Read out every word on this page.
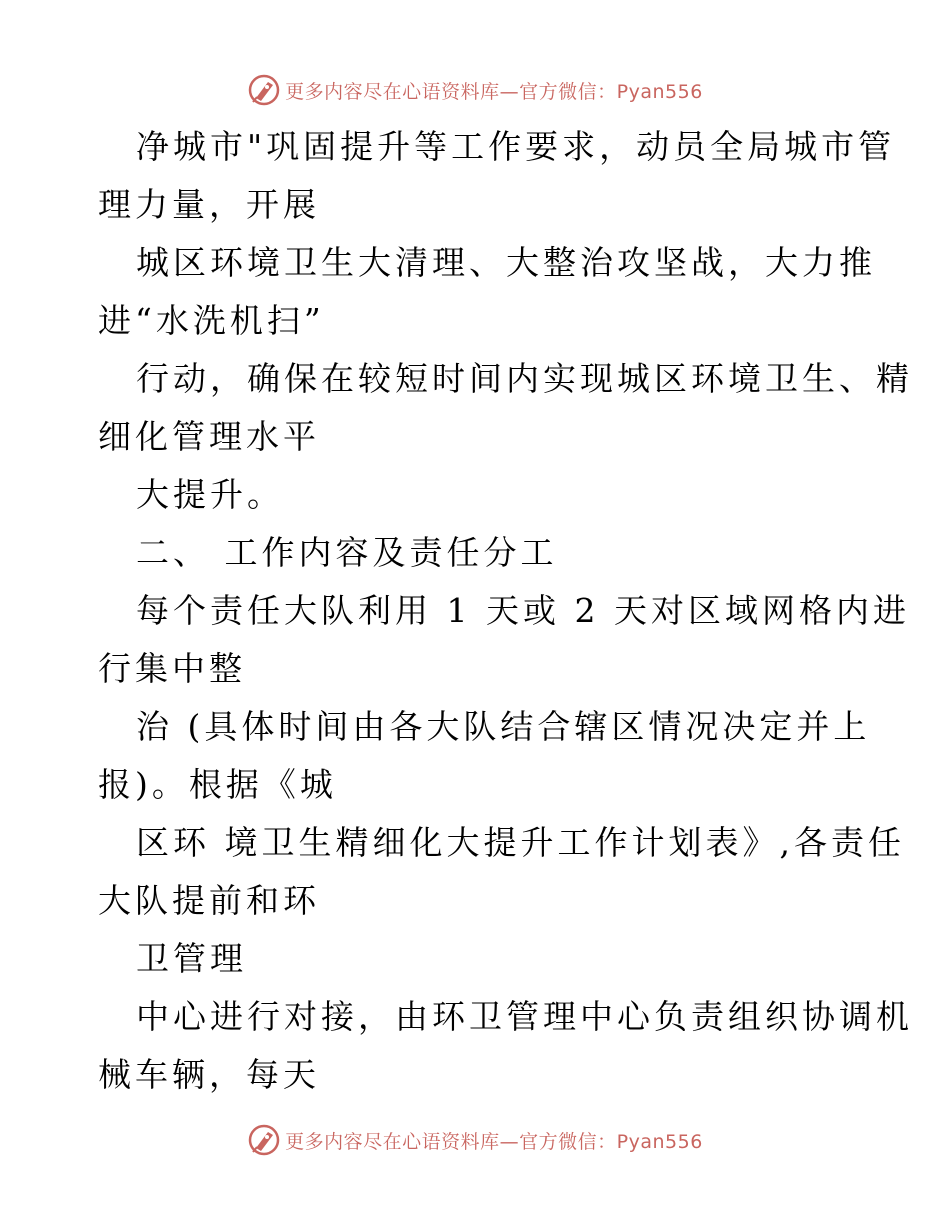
更多内容尽在心语资料库—官方微信：Pyan556
净城市"巩固提升等工作要求，动员全局城市管
理力量，开展
城区环境卫生大清理、大整治攻坚战，大力推
进“水洗机扫”
行动，确保在较短时间内实现城区环境卫生、精
细化管理水平
大提升。
二、 工作内容及责任分工
每个责任大队利用 1 天或 2 天对区域网格内进
行集中整
治 (具体时间由各大队结合辖区情况决定并上
报)。根据《城
区环 境卫生精细化大提升工作计划表》,各责任
大队提前和环
卫管理
中心进行对接，由环卫管理中心负责组织协调机
械车辆，每天
更多内容尽在心语资料库—官方微信：Pyan556
